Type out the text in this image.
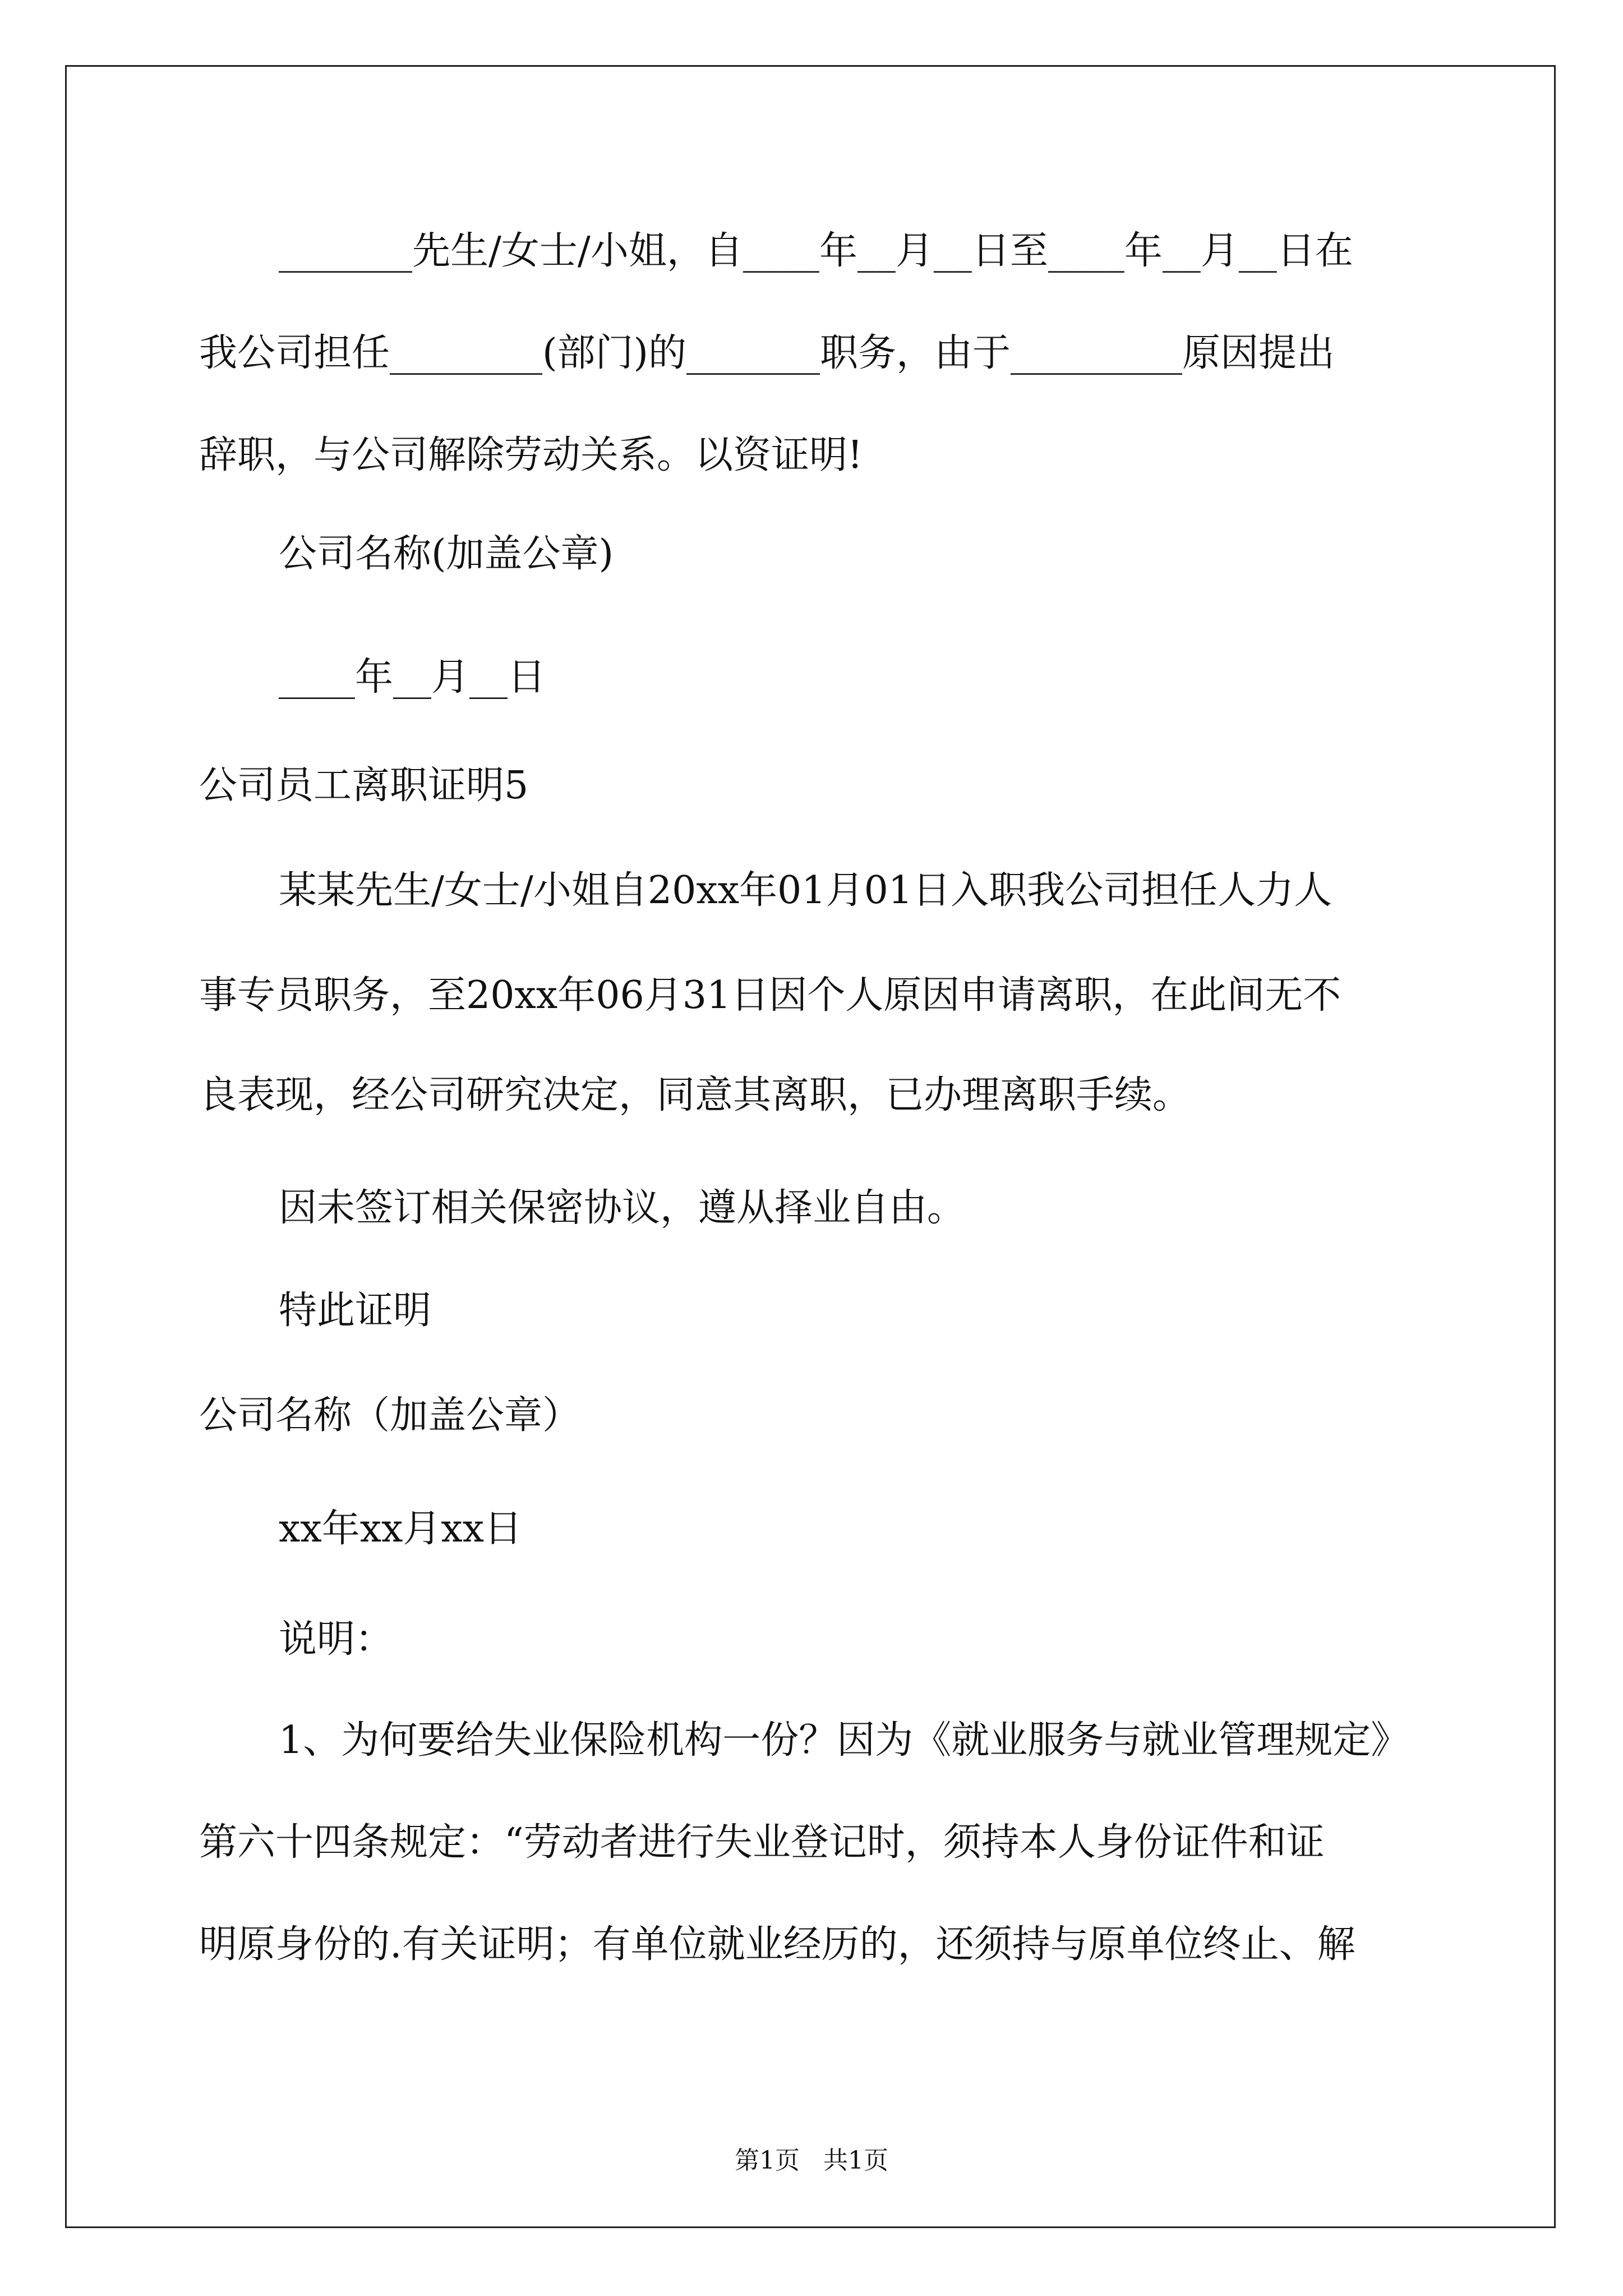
_______先生/女士/小姐，自____年__月__日至____年__月__日在
我公司担任________(部门)的_______职务，由于_________原因提出
辞职，与公司解除劳动关系。以资证明!
公司名称(加盖公章)
____年__月__日
公司员工离职证明5
某某先生/女士/小姐自20xx年01月01日入职我公司担任人力人
事专员职务，至20xx年06月31日因个人原因申请离职，在此间无不
良表现，经公司研究决定，同意其离职，已办理离职手续。
因未签订相关保密协议，遵从择业自由。
特此证明
公司名称（加盖公章）
xx年xx月xx日
说明：
1、为何要给失业保险机构一份？因为《就业服务与就业管理规定》
第六十四条规定：“劳动者进行失业登记时，须持本人身份证件和证
明原身份的.有关证明；有单位就业经历的，还须持与原单位终止、解
第1页   共1页
